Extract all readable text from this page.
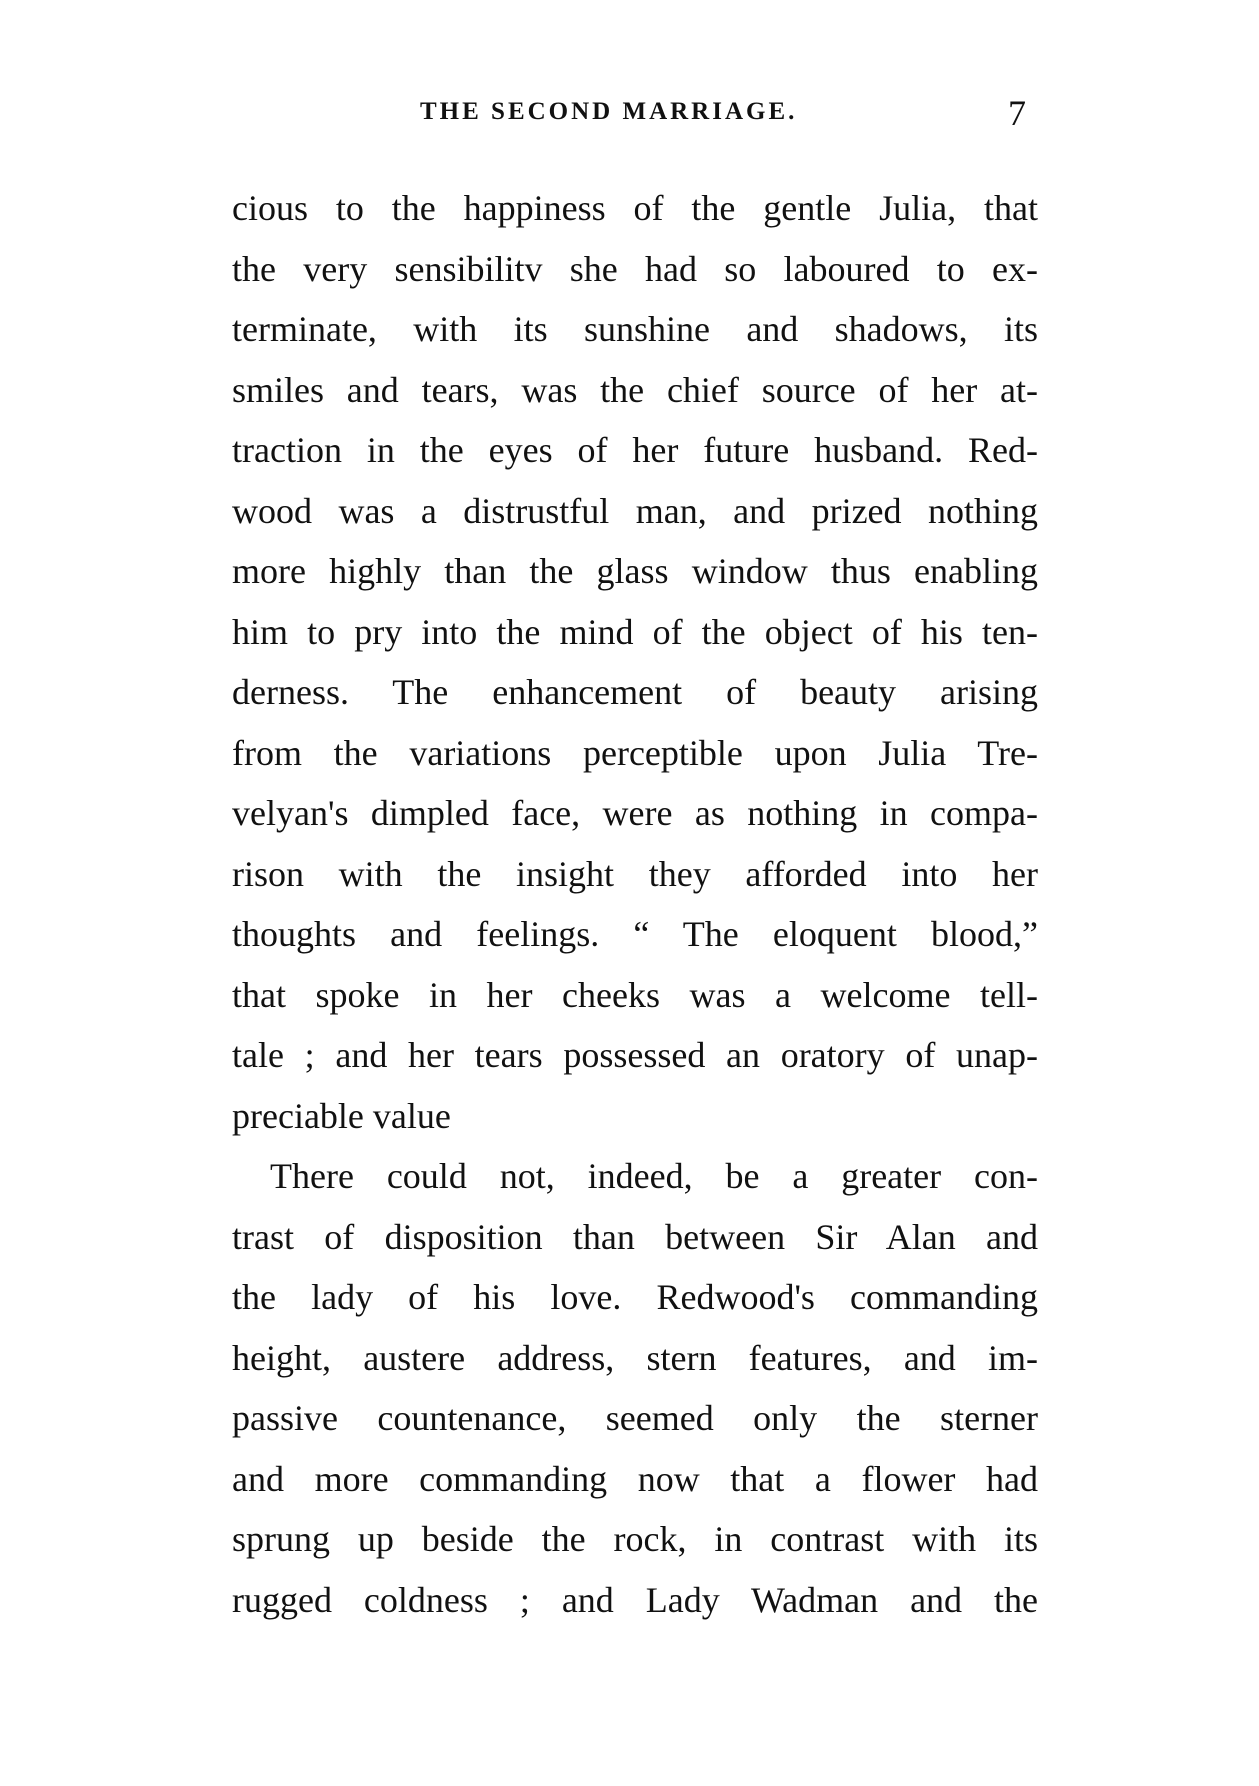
THE SECOND MARRIAGE.	7
cious to the happiness of the gentle Julia, that
the very sensibilitv she had so laboured to ex-
terminate, with its sunshine and shadows, its
smiles and tears, was the chief source of her at-
traction in the eyes of her future husband. Red-
wood was a distrustful man, and prized nothing
more highly than the glass window thus enabling
him to pry into the mind of the object of his ten-
derness. The enhancement of beauty arising
from the variations perceptible upon Julia Tre-
velyan's dimpled face, were as nothing in compa-
rison with the insight they afforded into her
thoughts and feelings. “ The eloquent blood,”
that spoke in her cheeks was a welcome tell-
tale ; and her tears possessed an oratory of unap-
preciable value
There could not, indeed, be a greater con-
trast of disposition than between Sir Alan and
the lady of his love. Redwood's commanding
height, austere address, stern features, and im-
passive countenance, seemed only the sterner
and more commanding now that a flower had
sprung up beside the rock, in contrast with its
rugged coldness ; and Lady Wadman and the
